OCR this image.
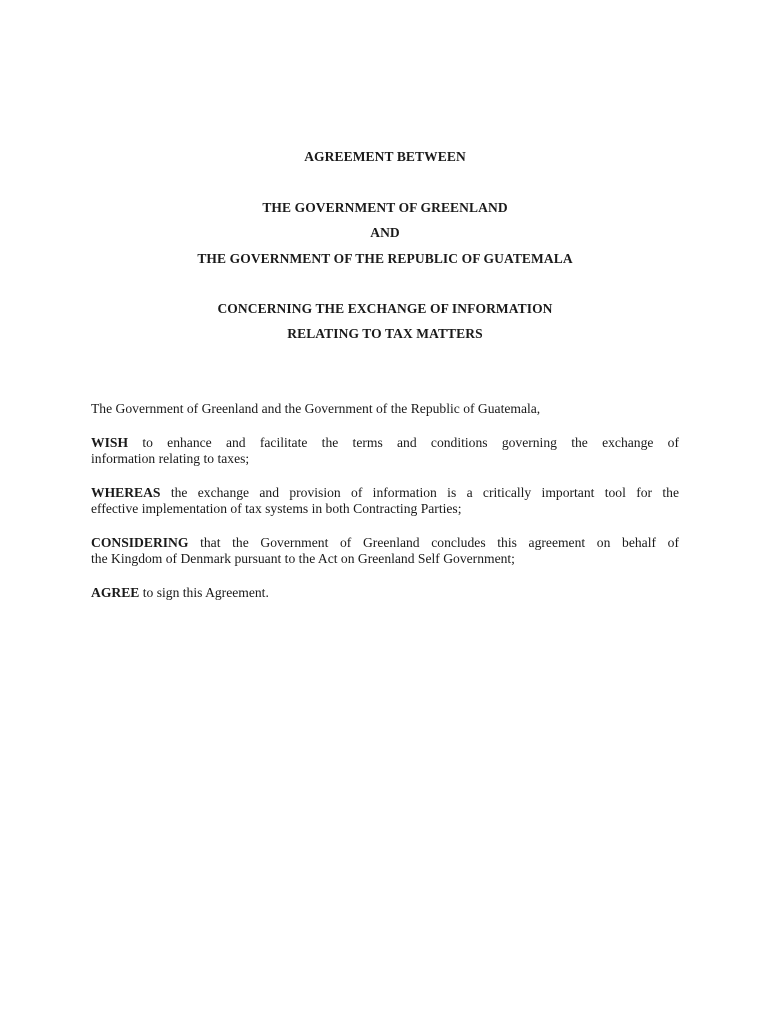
AGREEMENT BETWEEN
THE GOVERNMENT OF GREENLAND
AND
THE GOVERNMENT OF THE REPUBLIC OF GUATEMALA
CONCERNING THE EXCHANGE OF INFORMATION
RELATING TO TAX MATTERS
The Government of Greenland and the Government of the Republic of Guatemala,
WISH to enhance and facilitate the terms and conditions governing the exchange of
information relating to taxes;
WHEREAS the exchange and provision of information is a critically important tool for the
effective implementation of tax systems in both Contracting Parties;
CONSIDERING that the Government of Greenland concludes this agreement on behalf of
the Kingdom of Denmark pursuant to the Act on Greenland Self Government;
AGREE to sign this Agreement.
